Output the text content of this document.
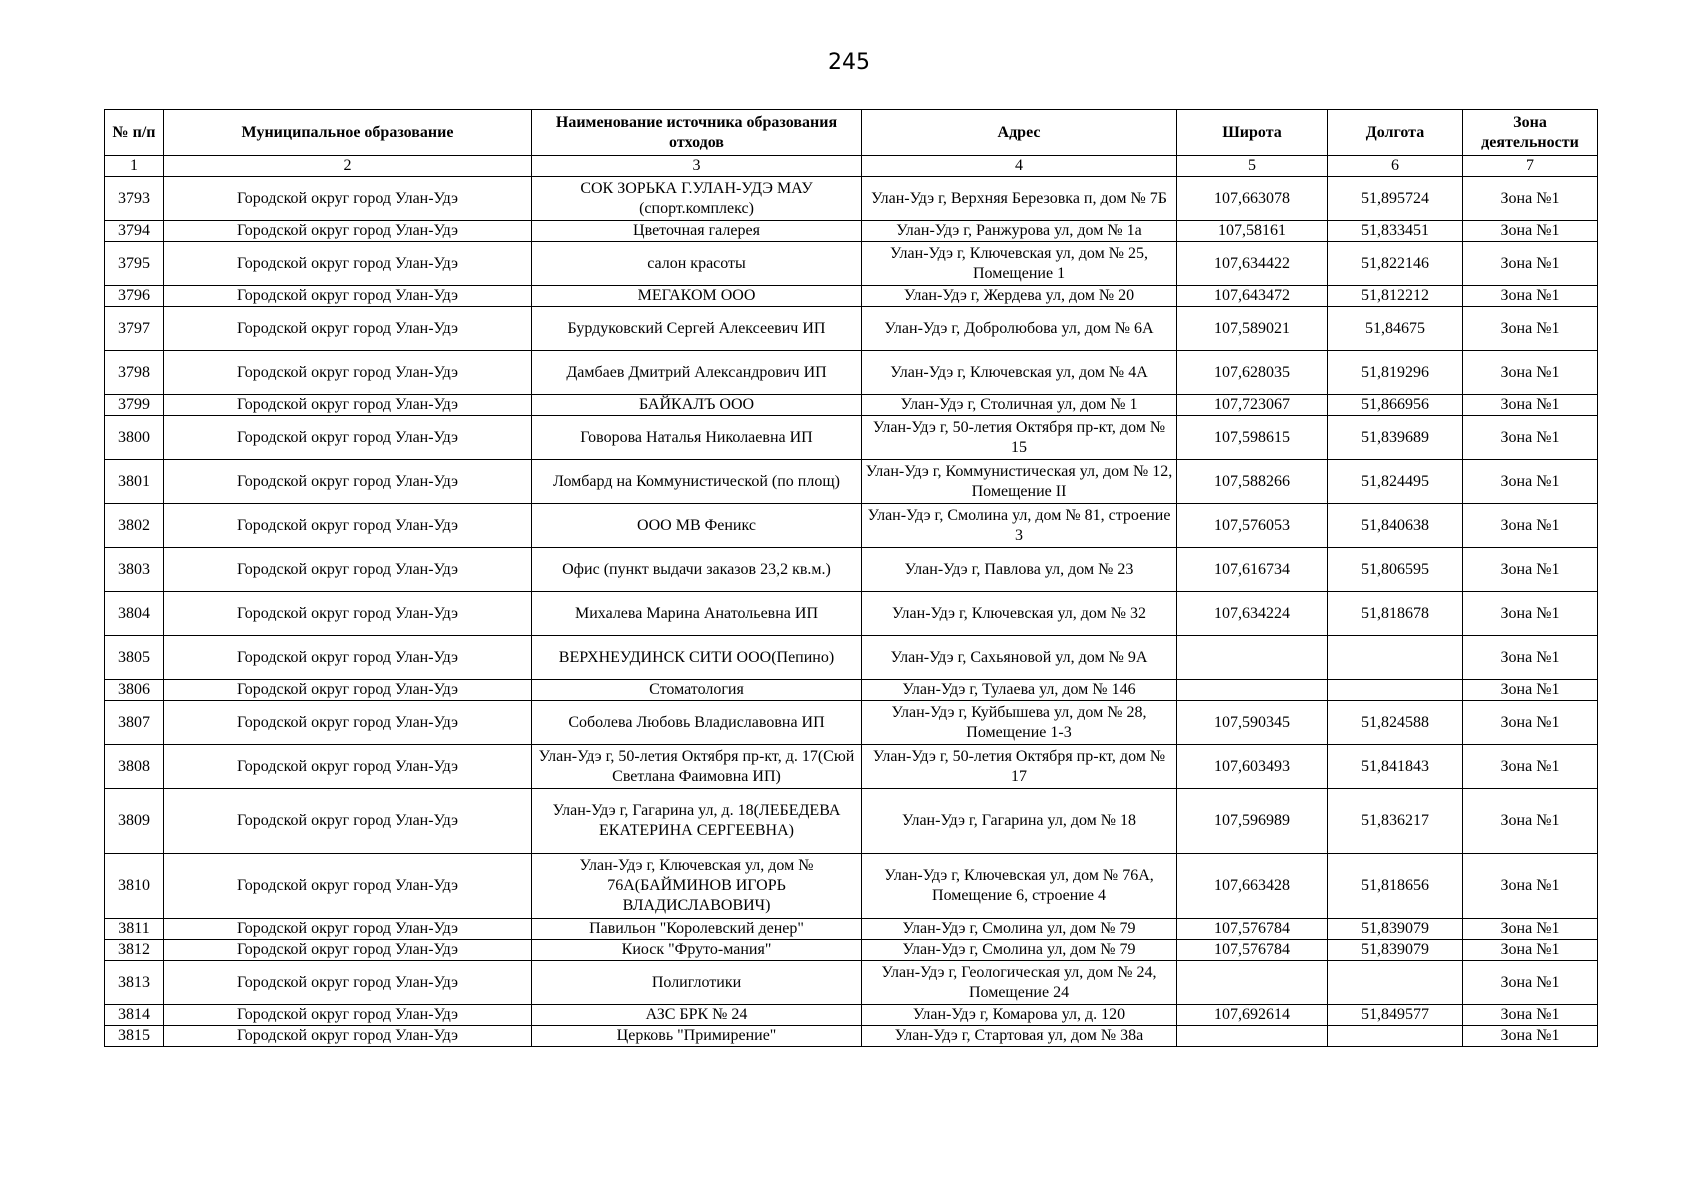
245
№ п/п	Муниципальное образование	Наименование источника образования отходов	Адрес	Широта	Долгота	Зона деятельности
1	2	3	4	5	6	7
3793	Городской округ город Улан-Удэ	СОК ЗОРЬКА Г.УЛАН-УДЭ МАУ (спорт.комплекс)	Улан-Удэ г, Верхняя Березовка п, дом № 7Б	107,663078	51,895724	Зона №1
3794	Городской округ город Улан-Удэ	Цветочная галерея	Улан-Удэ г, Ранжурова ул, дом № 1а	107,58161	51,833451	Зона №1
3795	Городской округ город Улан-Удэ	салон красоты	Улан-Удэ г, Ключевская ул, дом № 25, Помещение 1	107,634422	51,822146	Зона №1
3796	Городской округ город Улан-Удэ	МЕГАКОМ ООО	Улан-Удэ г, Жердева ул, дом № 20	107,643472	51,812212	Зона №1
3797	Городской округ город Улан-Удэ	Бурдуковский Сергей Алексеевич ИП	Улан-Удэ г, Добролюбова ул, дом № 6А	107,589021	51,84675	Зона №1
3798	Городской округ город Улан-Удэ	Дамбаев Дмитрий Александрович ИП	Улан-Удэ г, Ключевская ул, дом № 4А	107,628035	51,819296	Зона №1
3799	Городской округ город Улан-Удэ	БАЙКАЛЪ ООО	Улан-Удэ г, Столичная ул, дом № 1	107,723067	51,866956	Зона №1
3800	Городской округ город Улан-Удэ	Говорова Наталья Николаевна ИП	Улан-Удэ г, 50-летия Октября пр-кт, дом № 15	107,598615	51,839689	Зона №1
3801	Городской округ город Улан-Удэ	Ломбард на Коммунистической (по площ)	Улан-Удэ г, Коммунистическая ул, дом № 12, Помещение II	107,588266	51,824495	Зона №1
3802	Городской округ город Улан-Удэ	ООО МВ Феникс	Улан-Удэ г, Смолина ул, дом № 81, строение 3	107,576053	51,840638	Зона №1
3803	Городской округ город Улан-Удэ	Офис (пункт выдачи заказов 23,2 кв.м.)	Улан-Удэ г, Павлова ул, дом № 23	107,616734	51,806595	Зона №1
3804	Городской округ город Улан-Удэ	Михалева Марина Анатольевна ИП	Улан-Удэ г, Ключевская ул, дом № 32	107,634224	51,818678	Зона №1
3805	Городской округ город Улан-Удэ	ВЕРХНЕУДИНСК СИТИ ООО(Пепино)	Улан-Удэ г, Сахьяновой ул, дом № 9А			Зона №1
3806	Городской округ город Улан-Удэ	Стоматология	Улан-Удэ г, Тулаева ул, дом № 146			Зона №1
3807	Городской округ город Улан-Удэ	Соболева Любовь Владиславовна ИП	Улан-Удэ г, Куйбышева ул, дом № 28, Помещение 1-3	107,590345	51,824588	Зона №1
3808	Городской округ город Улан-Удэ	Улан-Удэ г, 50-летия Октября пр-кт, д. 17(Сюй Светлана Фаимовна ИП)	Улан-Удэ г, 50-летия Октября пр-кт, дом № 17	107,603493	51,841843	Зона №1
3809	Городской округ город Улан-Удэ	Улан-Удэ г, Гагарина ул, д. 18(ЛЕБЕДЕВА ЕКАТЕРИНА СЕРГЕЕВНА)	Улан-Удэ г, Гагарина ул, дом № 18	107,596989	51,836217	Зона №1
3810	Городской округ город Улан-Удэ	Улан-Удэ г, Ключевская ул, дом № 76А(БАЙМИНОВ ИГОРЬ ВЛАДИСЛАВОВИЧ)	Улан-Удэ г, Ключевская ул, дом № 76А, Помещение 6, строение 4	107,663428	51,818656	Зона №1
3811	Городской округ город Улан-Удэ	Павильон "Королевский денер"	Улан-Удэ г, Смолина ул, дом № 79	107,576784	51,839079	Зона №1
3812	Городской округ город Улан-Удэ	Киоск "Фруто-мания"	Улан-Удэ г, Смолина ул, дом № 79	107,576784	51,839079	Зона №1
3813	Городской округ город Улан-Удэ	Полиглотики	Улан-Удэ г, Геологическая ул, дом № 24, Помещение 24			Зона №1
3814	Городской округ город Улан-Удэ	АЗС БРК № 24	Улан-Удэ г, Комарова ул, д. 120	107,692614	51,849577	Зона №1
3815	Городской округ город Улан-Удэ	Церковь "Примирение"	Улан-Удэ г, Стартовая ул, дом № 38а			Зона №1
